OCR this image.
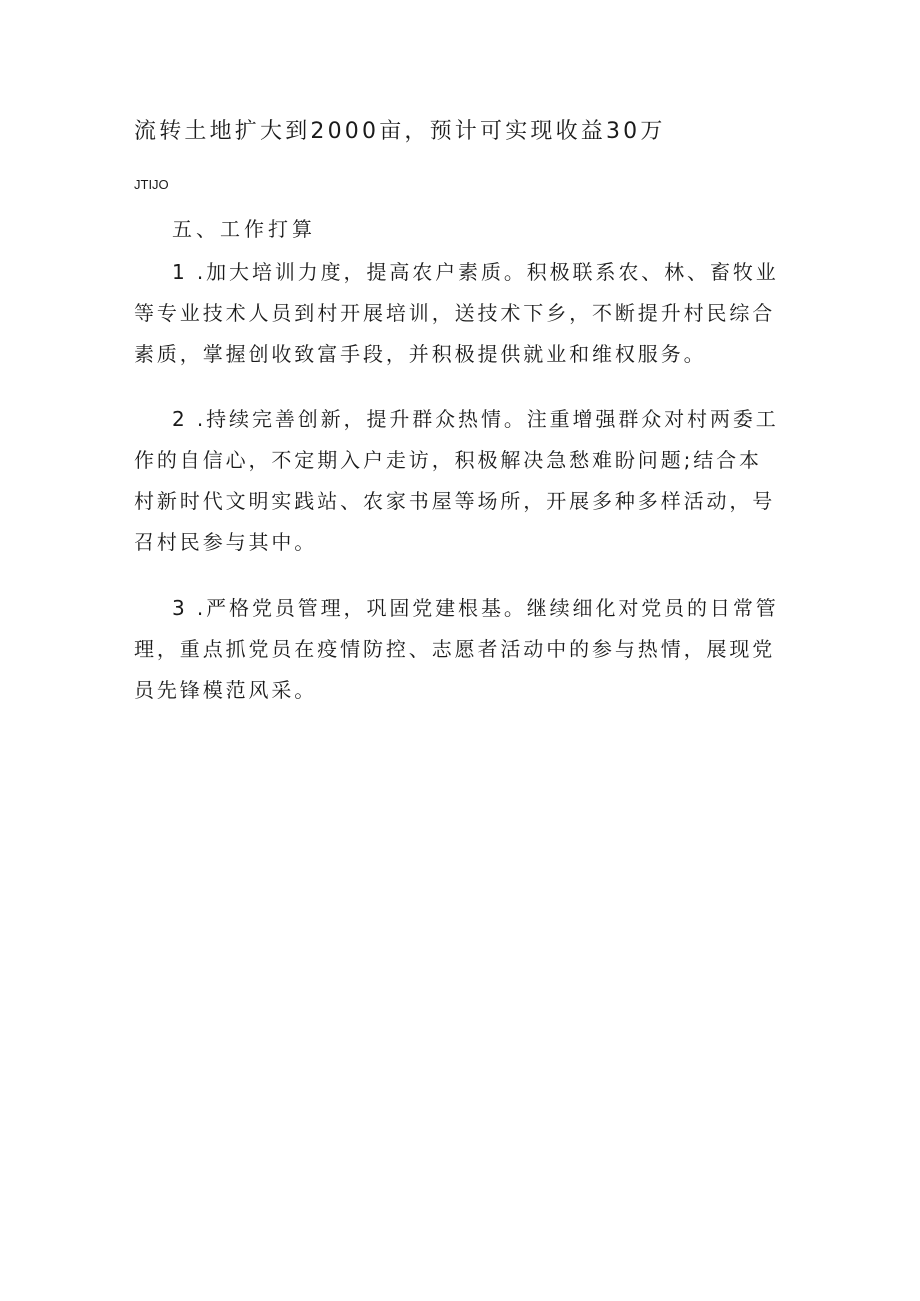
流转土地扩大到2000亩，预计可实现收益30万
JTIJO
五、工作打算
1 .加大培训力度，提高农户素质。积极联系农、林、畜牧业
等专业技术人员到村开展培训，送技术下乡，不断提升村民综合
素质，掌握创收致富手段，并积极提供就业和维权服务。
2 .持续完善创新，提升群众热情。注重增强群众对村两委工
作的自信心，不定期入户走访，积极解决急愁难盼问题;结合本
村新时代文明实践站、农家书屋等场所，开展多种多样活动，号
召村民参与其中。
3 .严格党员管理，巩固党建根基。继续细化对党员的日常管
理，重点抓党员在疫情防控、志愿者活动中的参与热情，展现党
员先锋模范风采。
